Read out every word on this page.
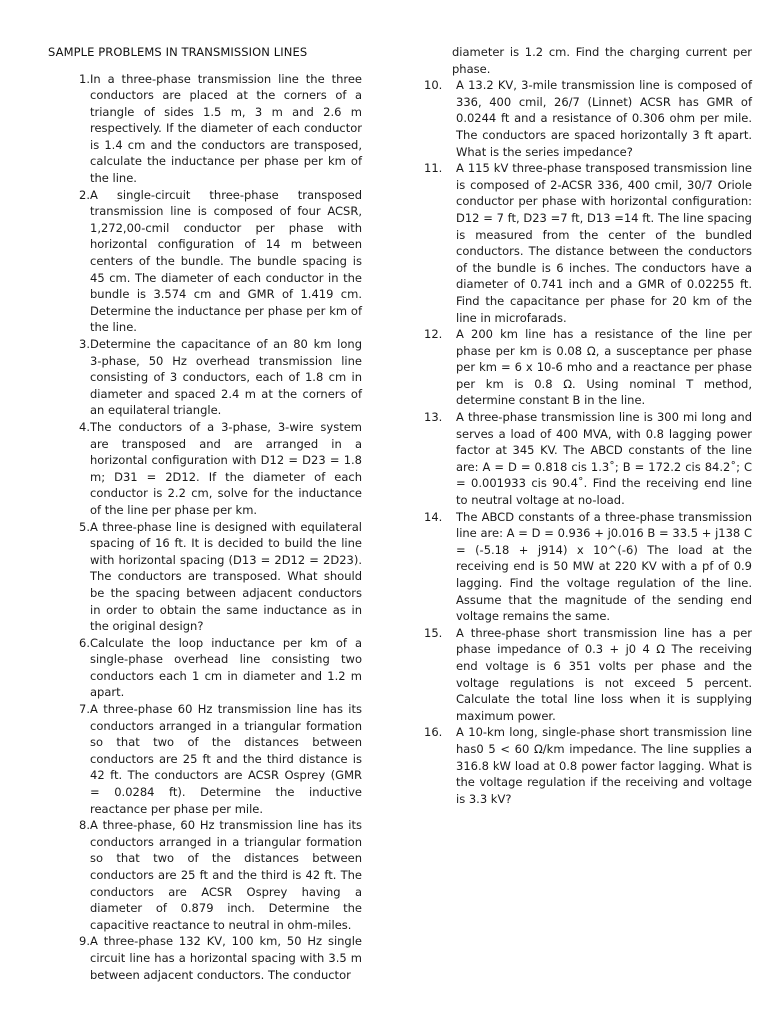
SAMPLE PROBLEMS IN TRANSMISSION LINES
1. In a three-phase transmission line the three conductors are placed at the corners of a triangle of sides 1.5 m, 3 m and 2.6 m respectively. If the diameter of each conductor is 1.4 cm and the conductors are transposed, calculate the inductance per phase per km of the line.
2. A single-circuit three-phase transposed transmission line is composed of four ACSR, 1,272,00-cmil conductor per phase with horizontal configuration of 14 m between centers of the bundle. The bundle spacing is 45 cm. The diameter of each conductor in the bundle is 3.574 cm and GMR of 1.419 cm. Determine the inductance per phase per km of the line.
3. Determine the capacitance of an 80 km long 3-phase, 50 Hz overhead transmission line consisting of 3 conductors, each of 1.8 cm in diameter and spaced 2.4 m at the corners of an equilateral triangle.
4. The conductors of a 3-phase, 3-wire system are transposed and are arranged in a horizontal configuration with D12 = D23 = 1.8 m; D31 = 2D12. If the diameter of each conductor is 2.2 cm, solve for the inductance of the line per phase per km.
5. A three-phase line is designed with equilateral spacing of 16 ft. It is decided to build the line with horizontal spacing (D13 = 2D12 = 2D23). The conductors are transposed. What should be the spacing between adjacent conductors in order to obtain the same inductance as in the original design?
6. Calculate the loop inductance per km of a single-phase overhead line consisting two conductors each 1 cm in diameter and 1.2 m apart.
7. A three-phase 60 Hz transmission line has its conductors arranged in a triangular formation so that two of the distances between conductors are 25 ft and the third distance is 42 ft. The conductors are ACSR Osprey (GMR = 0.0284 ft). Determine the inductive reactance per phase per mile.
8. A three-phase, 60 Hz transmission line has its conductors arranged in a triangular formation so that two of the distances between conductors are 25 ft and the third is 42 ft. The conductors are ACSR Osprey having a diameter of 0.879 inch. Determine the capacitive reactance to neutral in ohm-miles.
9. A three-phase 132 KV, 100 km, 50 Hz single circuit line has a horizontal spacing with 3.5 m between adjacent conductors. The conductor
diameter is 1.2 cm. Find the charging current per phase.
10.	A 13.2 KV, 3-mile transmission line is composed of 336, 400 cmil, 26/7 (Linnet) ACSR has GMR of 0.0244 ft and a resistance of 0.306 ohm per mile. The conductors are spaced horizontally 3 ft apart. What is the series impedance?
11.	A 115 kV three-phase transposed transmission line is composed of 2-ACSR 336, 400 cmil, 30/7 Oriole conductor per phase with horizontal configuration: D12 = 7 ft, D23 =7 ft, D13 =14 ft. The line spacing is measured from the center of the bundled conductors. The distance between the conductors of the bundle is 6 inches. The conductors have a diameter of 0.741 inch and a GMR of 0.02255 ft. Find the capacitance per phase for 20 km of the line in microfarads.
12.	A 200 km line has a resistance of the line per phase per km is 0.08 Ω, a susceptance per phase per km = 6 x 10-6 mho and a reactance per phase per km is 0.8 Ω. Using nominal T method, determine constant B in the line.
13.	A three-phase transmission line is 300 mi long and serves a load of 400 MVA, with 0.8 lagging power factor at 345 KV. The ABCD constants of the line are: A = D = 0.818 cis 1.3˚; B = 172.2 cis 84.2˚; C = 0.001933 cis 90.4˚. Find the receiving end line to neutral voltage at no-load.
14.	The ABCD constants of a three-phase transmission line are: A = D = 0.936 + j0.016 B = 33.5 + j138 C = (-5.18 + j914) x 10^(-6) The load at the receiving end is 50 MW at 220 KV with a pf of 0.9 lagging. Find the voltage regulation of the line. Assume that the magnitude of the sending end voltage remains the same.
15.	A three-phase short transmission line has a per phase impedance of 0.3 + j0 4 Ω The receiving end voltage is 6 351 volts per phase and the voltage regulations is not exceed 5 percent. Calculate the total line loss when it is supplying maximum power.
16.	A 10-km long, single-phase short transmission line has0 5 < 60 Ω/km impedance. The line supplies a 316.8 kW load at 0.8 power factor lagging. What is the voltage regulation if the receiving and voltage is 3.3 kV?
